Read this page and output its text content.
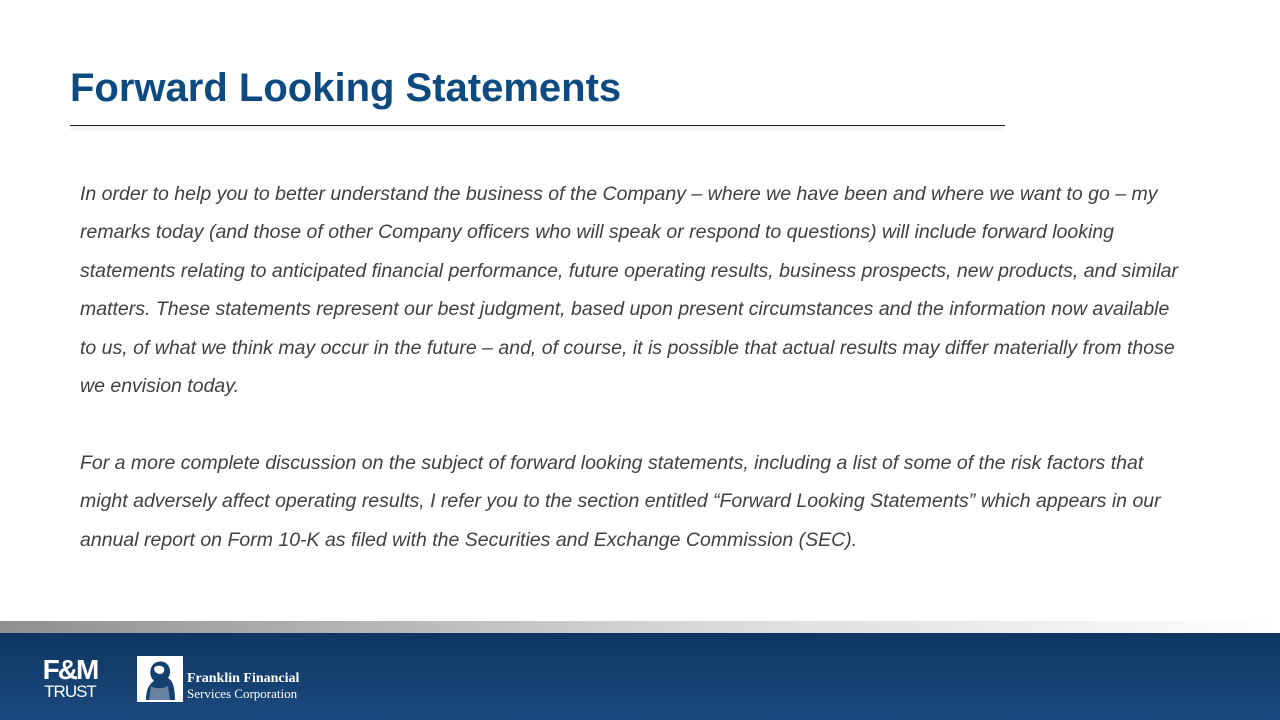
Forward Looking Statements

In order to help you to better understand the business of the Company – where we have been and where we want to go – my remarks today (and those of other Company officers who will speak or respond to questions) will include forward looking statements relating to anticipated financial performance, future operating results, business prospects, new products, and similar matters. These statements represent our best judgment, based upon present circumstances and the information now available to us, of what we think may occur in the future – and, of course, it is possible that actual results may differ materially from those we envision today.

For a more complete discussion on the subject of forward looking statements, including a list of some of the risk factors that might adversely affect operating results, I refer you to the section entitled “Forward Looking Statements” which appears in our annual report on Form 10-K as filed with the Securities and Exchange Commission (SEC).

F&M
TRUST
Franklin Financial
Services Corporation
